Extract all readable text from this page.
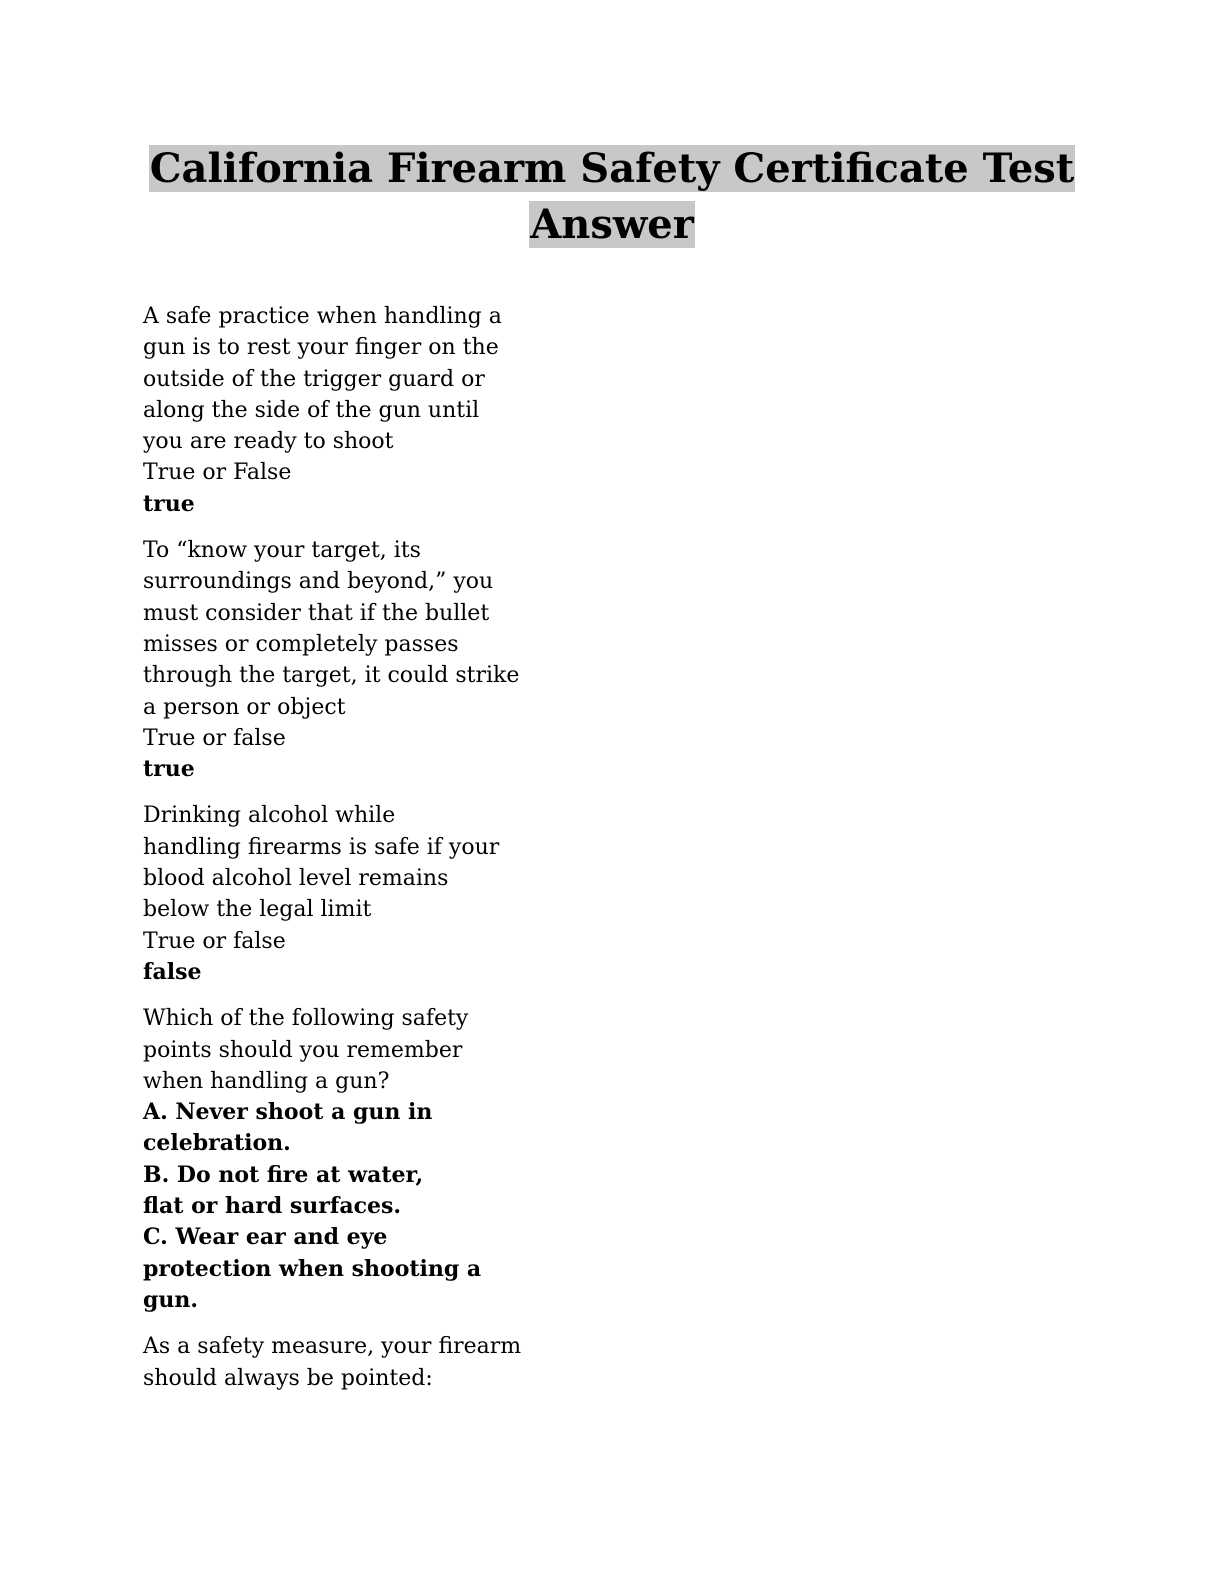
California Firearm Safety Certificate Test
Answer
A safe practice when handling a
gun is to rest your finger on the
outside of the trigger guard or
along the side of the gun until
you are ready to shoot
True or False
true
To “know your target, its
surroundings and beyond,” you
must consider that if the bullet
misses or completely passes
through the target, it could strike
a person or object
True or false
true
Drinking alcohol while
handling firearms is safe if your
blood alcohol level remains
below the legal limit
True or false
false
Which of the following safety
points should you remember
when handling a gun?
A. Never shoot a gun in
celebration.
B. Do not fire at water,
flat or hard surfaces.
C. Wear ear and eye
protection when shooting a
gun.
As a safety measure, your firearm
should always be pointed:
